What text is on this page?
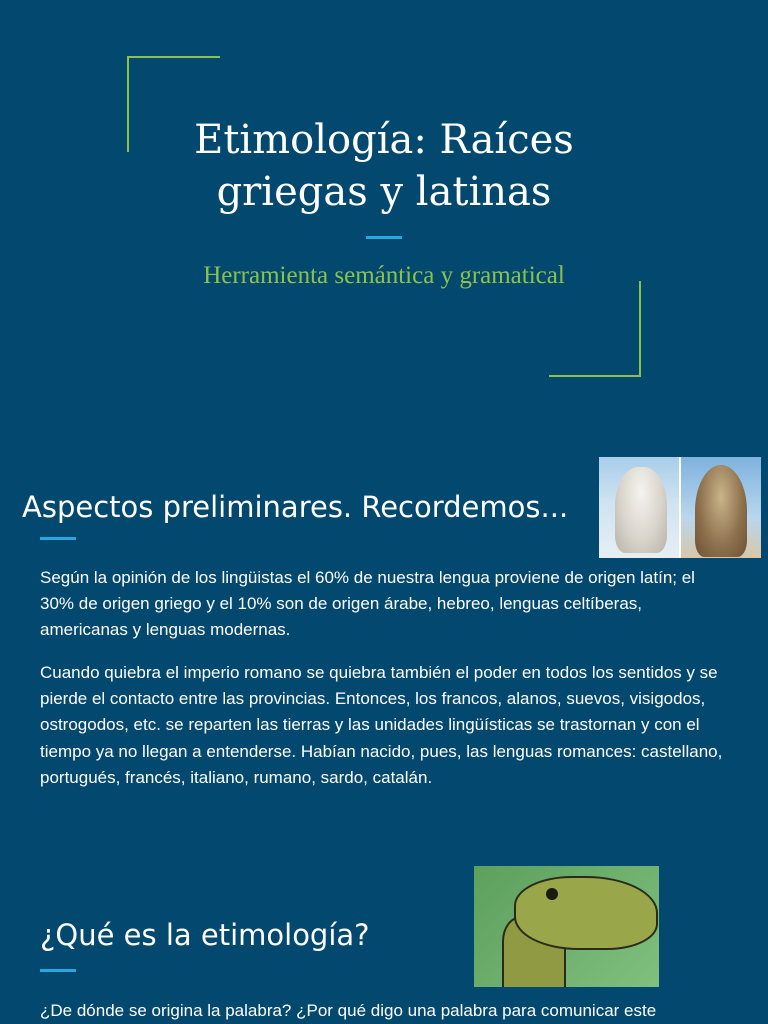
Etimología: Raíces
griegas y latinas

Herramienta semántica y gramatical

Aspectos preliminares. Recordemos...

Según la opinión de los lingüistas el 60% de nuestra lengua proviene de origen latín; el 30% de origen griego y el 10% son de origen árabe, hebreo, lenguas celtíberas, americanas y lenguas modernas.

Cuando quiebra el imperio romano se quiebra también el poder en todos los sentidos y se pierde el contacto entre las provincias. Entonces, los francos, alanos, suevos, visigodos, ostrogodos, etc. se reparten las tierras y las unidades lingüísticas se trastornan y con el tiempo ya no llegan a entenderse. Habían nacido, pues, las lenguas romances: castellano, portugués, francés, italiano, rumano, sardo, catalán.

¿Qué es la etimología?

¿De dónde se origina la palabra? ¿Por qué digo una palabra para comunicar este
